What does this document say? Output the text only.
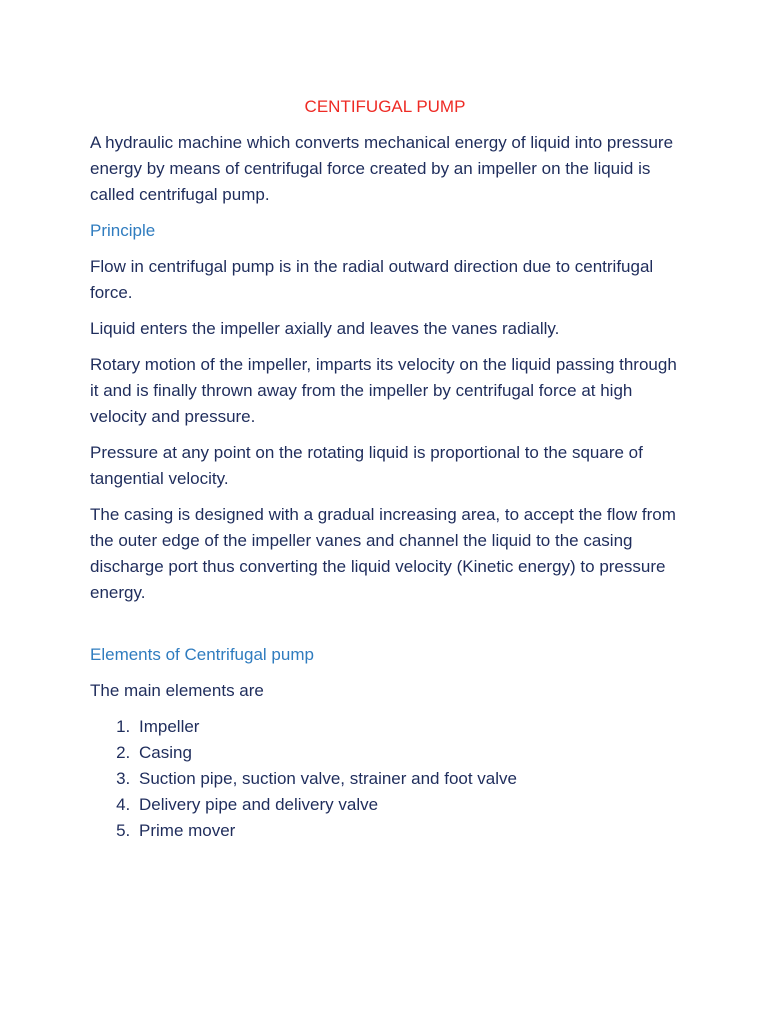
CENTIFUGAL PUMP

A hydraulic machine which converts mechanical energy of liquid into pressure energy by means of centrifugal force created by an impeller on the liquid is called centrifugal pump.

Principle

Flow in centrifugal pump is in the radial outward direction due to centrifugal force.

Liquid enters the impeller axially and leaves the vanes radially.

Rotary motion of the impeller, imparts its velocity on the liquid passing through it and is finally thrown away from the impeller by centrifugal force at high velocity and pressure.

Pressure at any point on the rotating liquid is proportional to the square of tangential velocity.

The casing is designed with a gradual increasing area, to accept the flow from the outer edge of the impeller vanes and channel the liquid to the casing discharge port thus converting the liquid velocity (Kinetic energy) to pressure energy.

Elements of Centrifugal pump

The main elements are

1. Impeller
2. Casing
3. Suction pipe, suction valve, strainer and foot valve
4. Delivery pipe and delivery valve
5. Prime mover
